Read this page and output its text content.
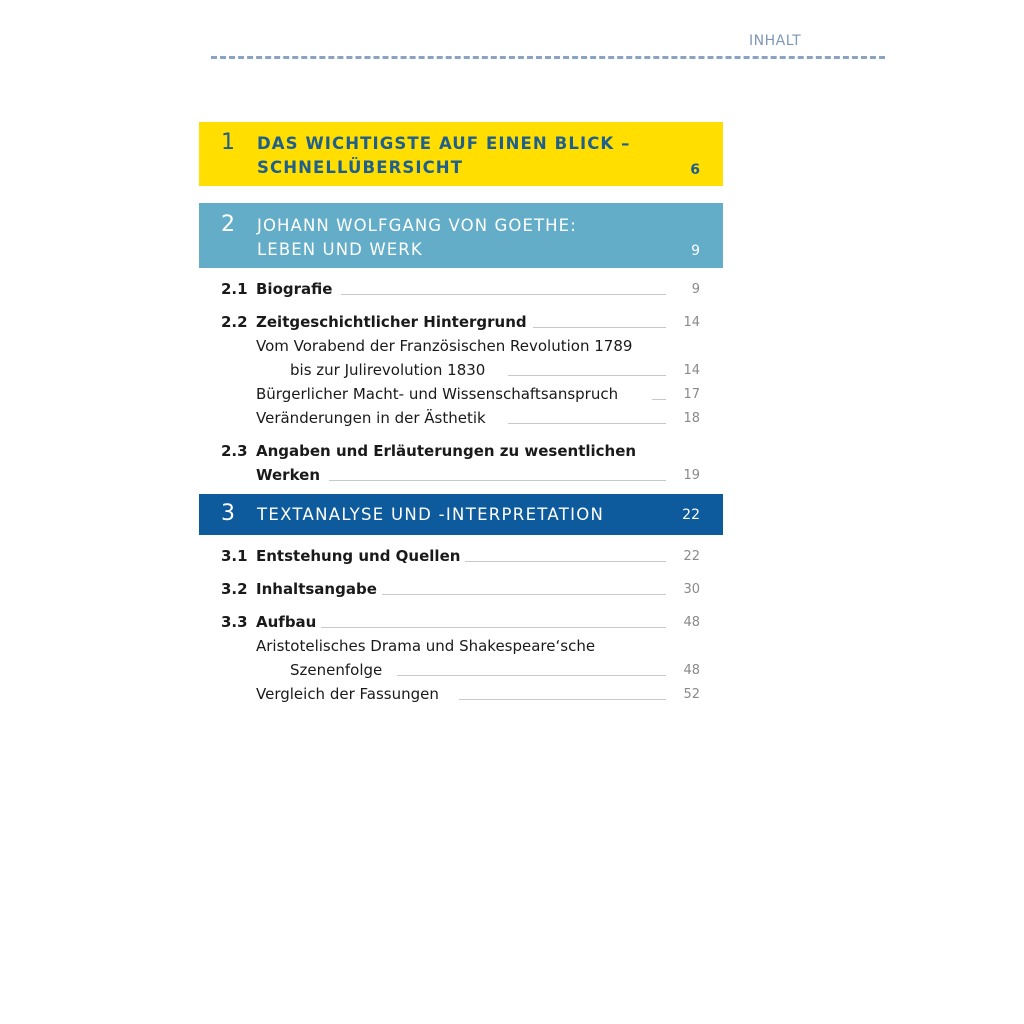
INHALT
1 DAS WICHTIGSTE AUF EINEN BLICK –
SCHNELLÜBERSICHT	6
2 JOHANN WOLFGANG VON GOETHE:
LEBEN UND WERK	9
2.1 Biografie	9
2.2 Zeitgeschichtlicher Hintergrund	14
Vom Vorabend der Französischen Revolution 1789
bis zur Julirevolution 1830	14
Bürgerlicher Macht- und Wissenschaftsanspruch	17
Veränderungen in der Ästhetik	18
2.3 Angaben und Erläuterungen zu wesentlichen
Werken	19
3 TEXTANALYSE UND -INTERPRETATION	22
3.1 Entstehung und Quellen	22
3.2 Inhaltsangabe	30
3.3 Aufbau	48
Aristotelisches Drama und Shakespeare‘sche
Szenenfolge	48
Vergleich der Fassungen	52
